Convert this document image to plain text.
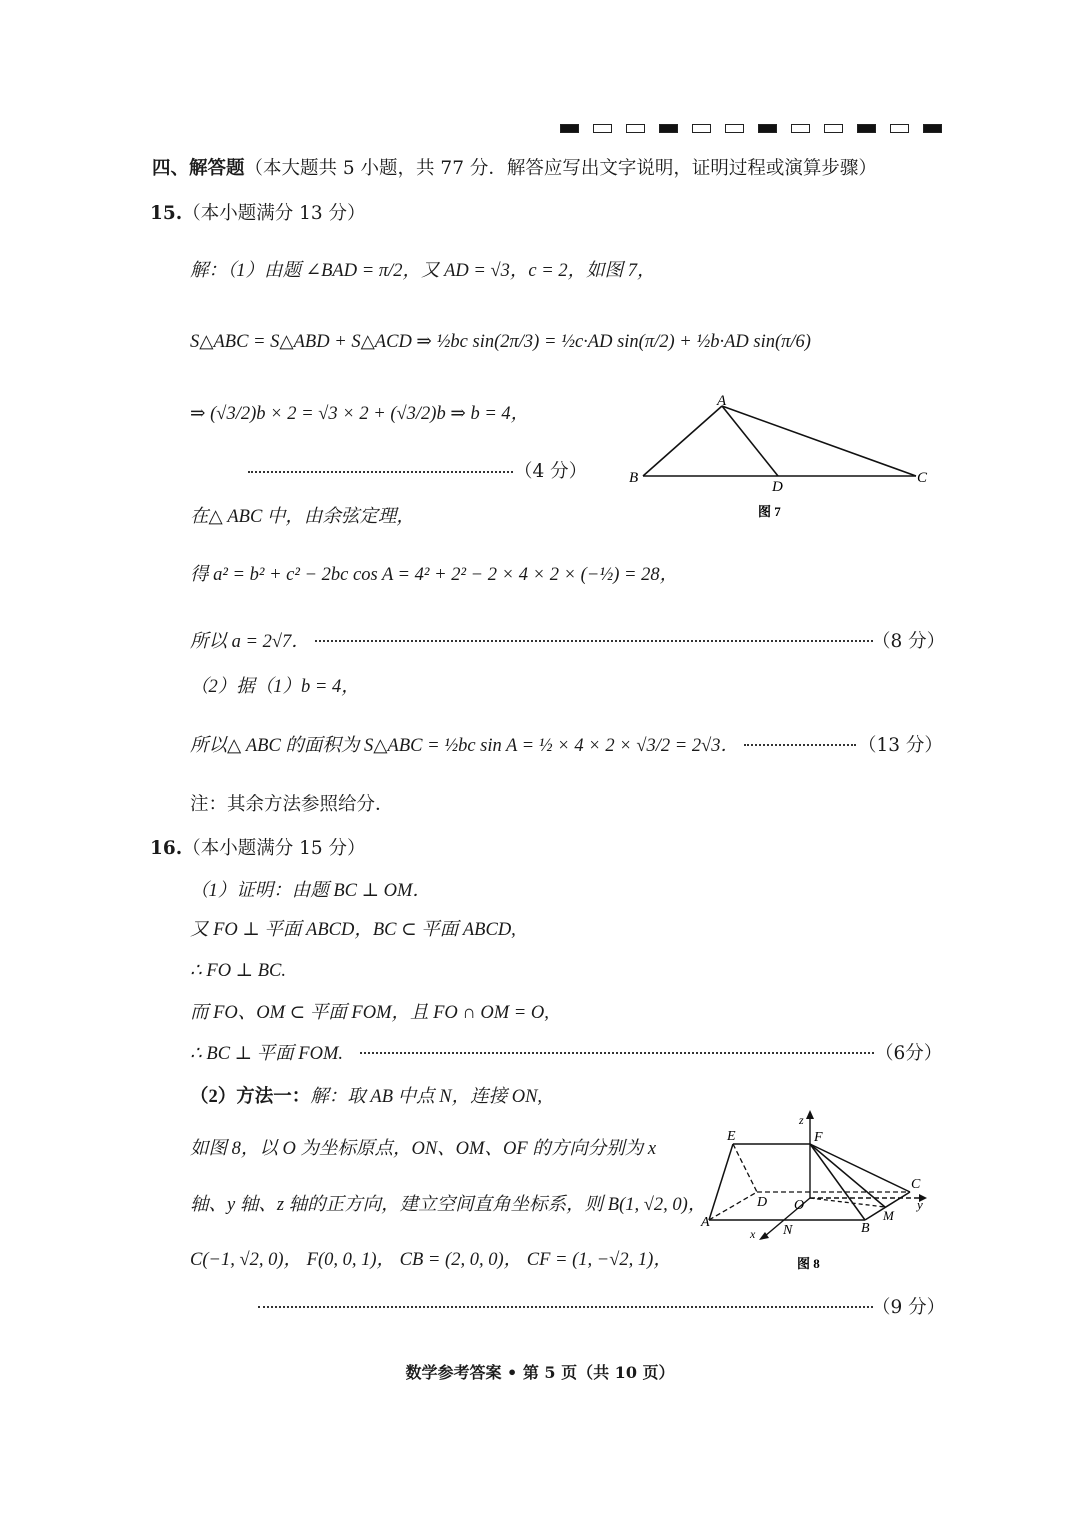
四、解答题（本大题共 5 小题，共 77 分．解答应写出文字说明，证明过程或演算步骤）
15.（本小题满分 13 分）
解：（1）由题 ∠BAD = π/2，又 AD = √3，c = 2，如图 7，
S△ABC = S△ABD + S△ACD ⇒ ½bc sin(2π/3) = ½c·AD sin(π/2) + ½b·AD sin(π/6)
⇒ (√3/2)b × 2 = √3 × 2 + (√3/2)b ⇒ b = 4，
（4 分）
A
B	C
D
图 7
在△ ABC 中，由余弦定理，
得 a² = b² + c² − 2bc cos A = 4² + 2² − 2 × 4 × 2 × (−½) = 28，
所以 a = 2√7．	（8 分）
（2）据（1）b = 4，
所以△ ABC 的面积为 S△ABC = ½bc sin A = ½ × 4 × 2 × √3/2 = 2√3．	（13 分）
注：其余方法参照给分．
16.（本小题满分 15 分）
（1）证明：由题 BC ⊥ OM．
又 FO ⊥ 平面 ABCD，BC ⊂ 平面 ABCD,
∴ FO ⊥ BC.
而 FO、OM ⊂ 平面 FOM，且 FO ∩ OM = O,
∴ BC ⊥ 平面 FOM.	（6分）
（2）方法一：解：取 AB 中点 N，连接 ON,
如图 8，以 O 为坐标原点，ON、OM、OF 的方向分别为 x
轴、y 轴、z 轴的正方向，建立空间直角坐标系，则 B(1, √2, 0)，
C(−1, √2, 0)， F(0, 0, 1)， CB = (2, 0, 0)， CF = (1, −√2, 1)，
E	F
z
C
y
D O
M
B
A
N
x
图 8
（9 分）
数学参考答案 • 第 5 页（共 10 页）
